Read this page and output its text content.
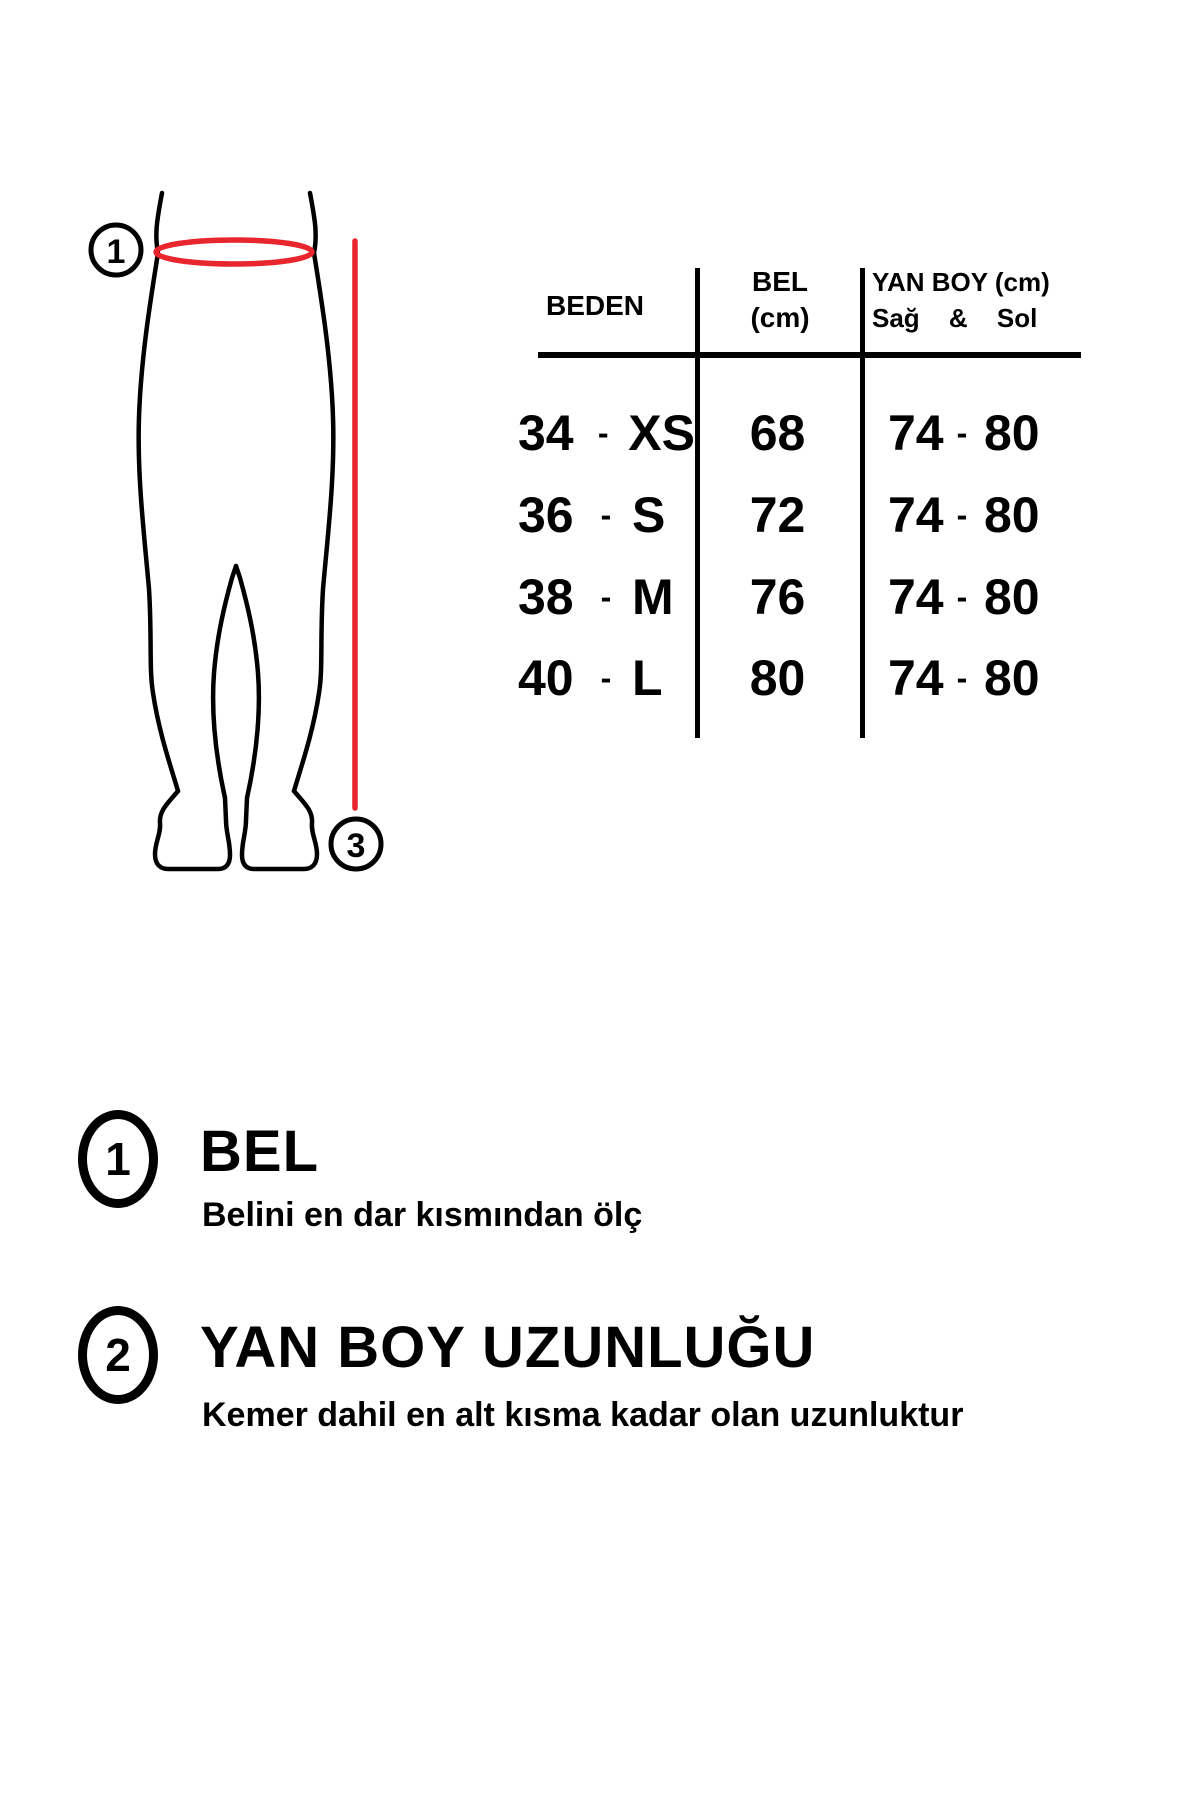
1
3
BEDEN
BEL
(cm)
YAN BOY (cm)
Sağ & Sol
34 - XS	68	74 - 80
36 - S	72	74 - 80
38 - M	76	74 - 80
40 - L	80	74 - 80
1 BEL
Belini en dar kısmından ölç
2 YAN BOY UZUNLUĞU
Kemer dahil en alt kısma kadar olan uzunluktur
